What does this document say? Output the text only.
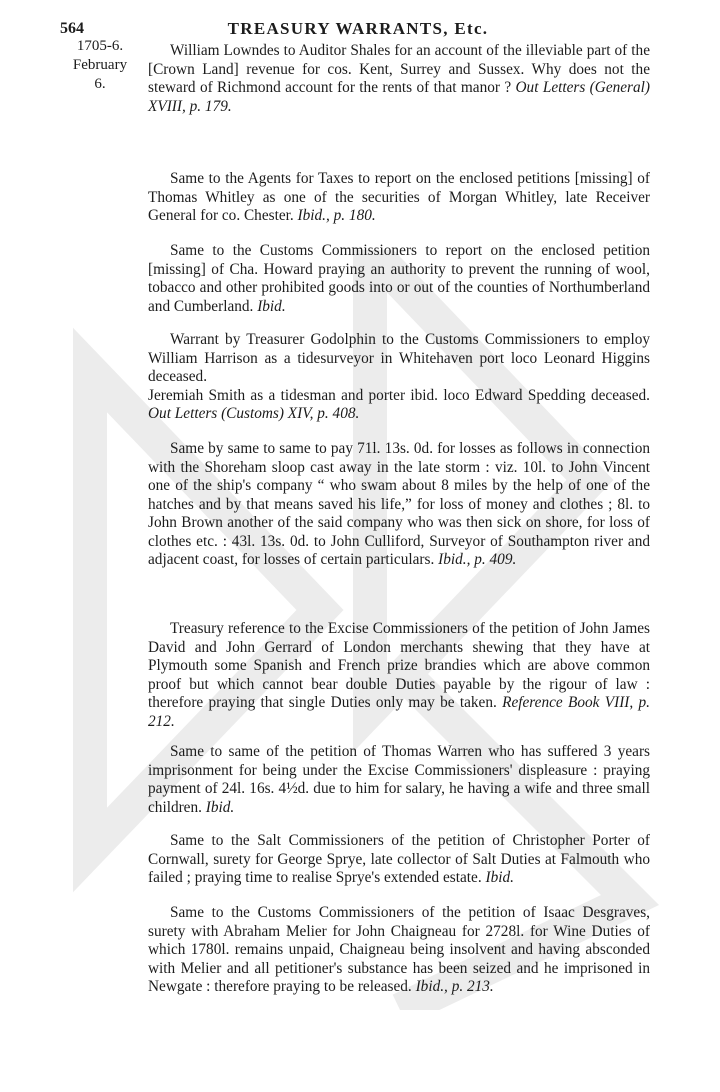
564	TREASURY WARRANTS, Etc.
1705-6.
February
6.

William Lowndes to Auditor Shales for an account of the illeviable part of the [Crown Land] revenue for cos. Kent, Surrey and Sussex. Why does not the steward of Richmond account for the rents of that manor ? Out Letters (General) XVIII, p. 179.

Same to the Agents for Taxes to report on the enclosed petitions [missing] of Thomas Whitley as one of the securities of Morgan Whitley, late Receiver General for co. Chester. Ibid., p. 180.

Same to the Customs Commissioners to report on the enclosed petition [missing] of Cha. Howard praying an authority to prevent the running of wool, tobacco and other prohibited goods into or out of the counties of Northumberland and Cumberland. Ibid.

Warrant by Treasurer Godolphin to the Customs Commissioners to employ William Harrison as a tidesurveyor in Whitehaven port loco Leonard Higgins deceased.

Jeremiah Smith as a tidesman and porter ibid. loco Edward Spedding deceased. Out Letters (Customs) XIV, p. 408.

Same by same to same to pay 71l. 13s. 0d. for losses as follows in connection with the Shoreham sloop cast away in the late storm : viz. 10l. to John Vincent one of the ship's company “ who swam about 8 miles by the help of one of the hatches and by that means saved his life,” for loss of money and clothes ; 8l. to John Brown another of the said company who was then sick on shore, for loss of clothes etc. : 43l. 13s. 0d. to John Culliford, Surveyor of Southampton river and adjacent coast, for losses of certain particulars. Ibid., p. 409.

Treasury reference to the Excise Commissioners of the petition of John James David and John Gerrard of London merchants shewing that they have at Plymouth some Spanish and French prize brandies which are above common proof but which cannot bear double Duties payable by the rigour of law : therefore praying that single Duties only may be taken. Reference Book VIII, p. 212.

Same to same of the petition of Thomas Warren who has suffered 3 years imprisonment for being under the Excise Commissioners' displeasure : praying payment of 24l. 16s. 4½d. due to him for salary, he having a wife and three small children. Ibid.

Same to the Salt Commissioners of the petition of Christopher Porter of Cornwall, surety for George Sprye, late collector of Salt Duties at Falmouth who failed ; praying time to realise Sprye's extended estate. Ibid.

Same to the Customs Commissioners of the petition of Isaac Desgraves, surety with Abraham Melier for John Chaigneau for 2728l. for Wine Duties of which 1780l. remains unpaid, Chaigneau being insolvent and having absconded with Melier and all petitioner's substance has been seized and he imprisoned in Newgate : therefore praying to be released. Ibid., p. 213.
